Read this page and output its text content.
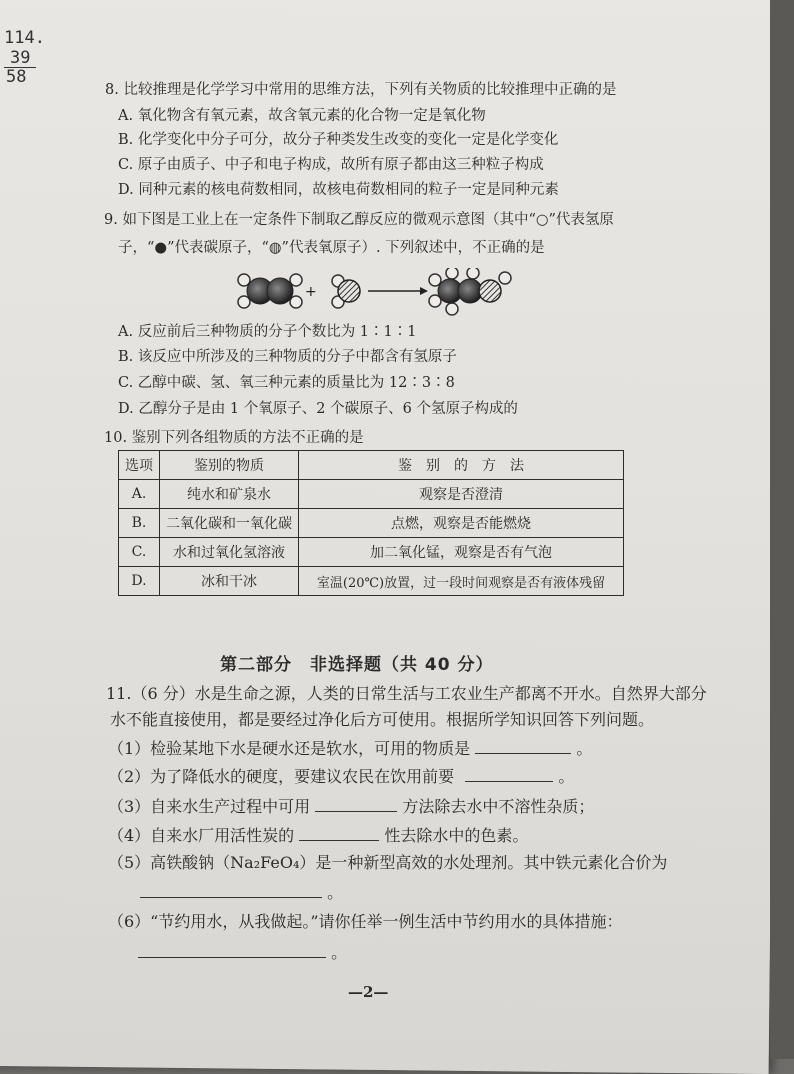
114.
39
58
8. 比较推理是化学学习中常用的思维方法，下列有关物质的比较推理中正确的是
A. 氧化物含有氧元素，故含氧元素的化合物一定是氧化物
B. 化学变化中分子可分，故分子种类发生改变的变化一定是化学变化
C. 原子由质子、中子和电子构成，故所有原子都由这三种粒子构成
D. 同种元素的核电荷数相同，故核电荷数相同的粒子一定是同种元素
9. 如下图是工业上在一定条件下制取乙醇反应的微观示意图（其中“○”代表氢原
子，“●”代表碳原子，“◍”代表氧原子）. 下列叙述中，不正确的是
+
A. 反应前后三种物质的分子个数比为 1∶1∶1
B. 该反应中所涉及的三种物质的分子中都含有氢原子
C. 乙醇中碳、氢、氧三种元素的质量比为 12∶3∶8
D. 乙醇分子是由 1 个氧原子、2 个碳原子、6 个氢原子构成的
10. 鉴别下列各组物质的方法不正确的是
选项	鉴别的物质	鉴　别　的　方　法
A.	纯水和矿泉水	观察是否澄清
B.	二氧化碳和一氧化碳	点燃，观察是否能燃烧
C.	水和过氧化氢溶液	加二氧化锰，观察是否有气泡
D.	冰和干冰	室温(20℃)放置，过一段时间观察是否有液体残留
第二部分　非选择题（共 40 分）
11.（6 分）水是生命之源，人类的日常生活与工农业生产都离不开水。自然界大部分
水不能直接使用，都是要经过净化后方可使用。根据所学知识回答下列问题。
（1）检验某地下水是硬水还是软水，可用的物质是	。
（2）为了降低水的硬度，要建议农民在饮用前要	。
（3）自来水生产过程中可用	方法除去水中不溶性杂质；
（4）自来水厂用活性炭的	性去除水中的色素。
（5）高铁酸钠（Na₂FeO₄）是一种新型高效的水处理剂。其中铁元素化合价为
。
（6）“节约用水，从我做起。”请你任举一例生活中节约用水的具体措施：
。
—2—
